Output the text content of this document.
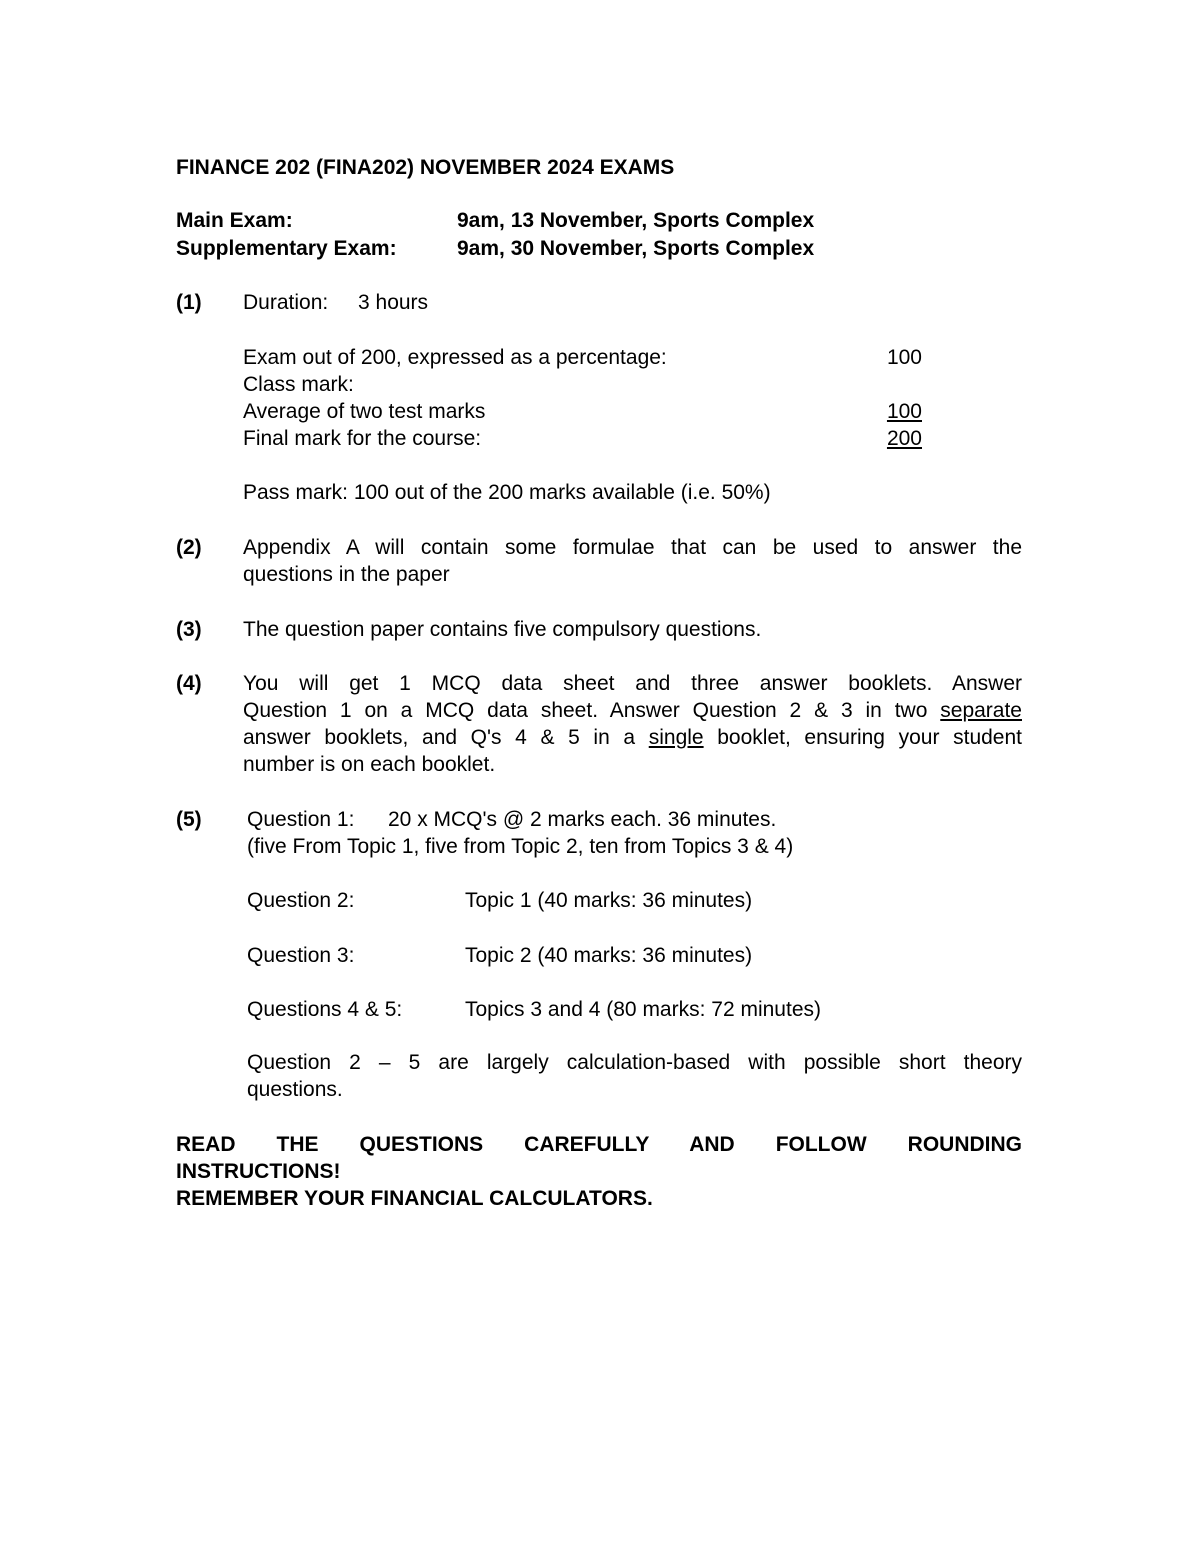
FINANCE 202 (FINA202) NOVEMBER 2024 EXAMS
Main Exam:	9am, 13 November, Sports Complex
Supplementary Exam:	9am, 30 November, Sports Complex
(1) Duration: 3 hours
Exam out of 200, expressed as a percentage:	100
Class mark:
Average of two test marks	100
Final mark for the course:	200
Pass mark: 100 out of the 200 marks available (i.e. 50%)
(2) Appendix A will contain some formulae that can be used to answer the
questions in the paper
(3) The question paper contains five compulsory questions.
(4) You will get 1 MCQ data sheet and three answer booklets. Answer
Question 1 on a MCQ data sheet. Answer Question 2 & 3 in two separate
answer booklets, and Q's 4 & 5 in a single booklet, ensuring your student
number is on each booklet.
(5) Question 1: 20 x MCQ's @ 2 marks each. 36 minutes.
(five From Topic 1, five from Topic 2, ten from Topics 3 & 4)
Question 2:	Topic 1 (40 marks: 36 minutes)
Question 3:	Topic 2 (40 marks: 36 minutes)
Questions 4 & 5:	Topics 3 and 4 (80 marks: 72 minutes)
Question 2 – 5 are largely calculation-based with possible short theory
questions.
READ THE QUESTIONS CAREFULLY AND FOLLOW ROUNDING
INSTRUCTIONS!
REMEMBER YOUR FINANCIAL CALCULATORS.
